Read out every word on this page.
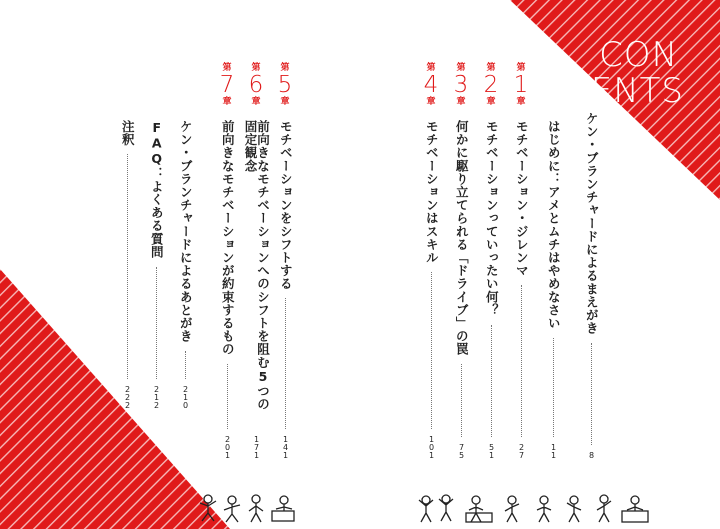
CON
TENTS
ケン・ブランチャードによるまえがき
8
はじめに：アメとムチはやめなさい
11
第
1
章
モチベーション・ジレンマ
27
第
2
章
モチベーションっていったい何？
51
第
3
章
何かに駆り立てられる「ドライブ」の罠
75
第
4
章
モチベーションはスキル
101
第
5
章
モチベーションをシフトする
141
第
6
章
前向きなモチベーションへのシフトを阻む5つの固定観念
171
第
7
章
前向きなモチベーションが約束するもの
201
ケン・ブランチャードによるあとがき
210
FAQ：よくある質問
212
注釈
222
